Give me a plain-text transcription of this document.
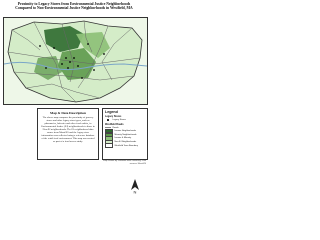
Proximity to Legacy Stores from Environmental Justice Neighborhoods Compared to Non-Environmental Justice Neighborhoods in Westfield, MA
Map & Data Description
The above map compares the proximity of grocery stores and other legacy store types, such as pharmacies, bakeries and other food outlets, in Environmental Justice (EJ) neighborhoods to those in Non-EJ neighborhoods. The EJ neighborhood data comes from MassGIS and the legacy store information was collected using a reference database of the retail food environment. This map was created as part of a food access study.
Legend
Legacy Stores
Legacy Stores
Westfield Roads
Roads
Income Neighborhoods
Minority Neighborhoods
Income & Minority
Non-EJ Neighborhoods
Westfield Town Boundary
Map created by: Westfield State University, Data sources: MassGIS
N
